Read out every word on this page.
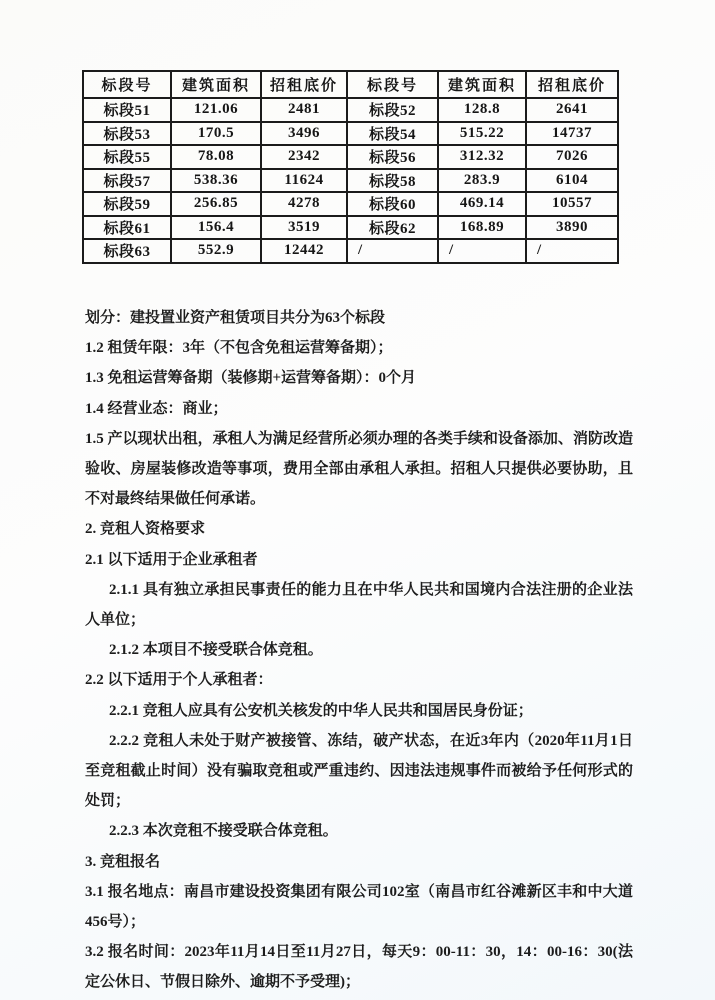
标段号	建筑面积	招租底价	标段号	建筑面积	招租底价
标段51	121.06	2481	标段52	128.8	2641
标段53	170.5	3496	标段54	515.22	14737
标段55	78.08	2342	标段56	312.32	7026
标段57	538.36	11624	标段58	283.9	6104
标段59	256.85	4278	标段60	469.14	10557
标段61	156.4	3519	标段62	168.89	3890
标段63	552.9	12442	/	/	/

划分：建投置业资产租赁项目共分为63个标段

1.2 租赁年限：3年（不包含免租运营筹备期）；

1.3 免租运营筹备期（装修期+运营筹备期）：0个月

1.4 经营业态：商业；

1.5 产以现状出租，承租人为满足经营所必须办理的各类手续和设备添加、消防改造验收、房屋装修改造等事项，费用全部由承租人承担。招租人只提供必要协助，且不对最终结果做任何承诺。

2. 竞租人资格要求

2.1 以下适用于企业承租者

2.1.1 具有独立承担民事责任的能力且在中华人民共和国境内合法注册的企业法人单位；

2.1.2 本项目不接受联合体竞租。

2.2 以下适用于个人承租者：

2.2.1 竞租人应具有公安机关核发的中华人民共和国居民身份证；

2.2.2 竞租人未处于财产被接管、冻结，破产状态，在近3年内（2020年11月1日至竞租截止时间）没有骗取竞租或严重违约、因违法违规事件而被给予任何形式的处罚；

2.2.3 本次竞租不接受联合体竞租。

3. 竞租报名

3.1 报名地点：南昌市建设投资集团有限公司102室（南昌市红谷滩新区丰和中大道456号）；

3.2 报名时间：2023年11月14日至11月27日，每天9：00-11：30，14：00-16：30(法定公休日、节假日除外、逾期不予受理)；
